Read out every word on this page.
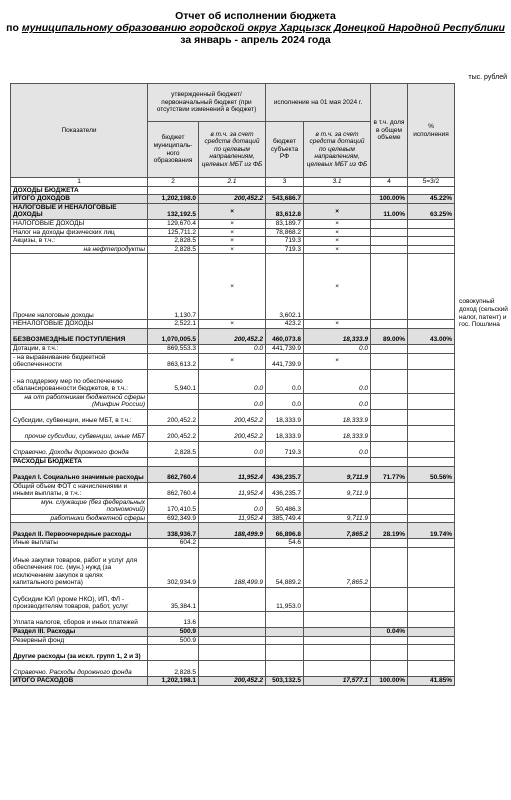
Отчет об исполнении бюджета
по муниципальному образованию городской округ Харцызск Донецкой Народной Республики
за январь - апрель 2024 года
тыс. рублей
Показатели	утвержденный бюджет/первоначальный бюджет (при отсутствии изменений в бюджет)		исполнение на 01 мая 2024 г.		в т.ч. доля в общем объеме	% исполнения
	бюджет муниципаль-ного образования	в т.ч. за счет средств дотаций по целевым направлениям, целевых МБТ из ФБ	бюджет субъекта РФ	в т.ч. за счет средств дотаций по целевым направлениям, целевых МБТ из ФБ		
1	2	2.1	3	3.1	4	5=3/2
ДОХОДЫ БЮДЖЕТА						
ИТОГО ДОХОДОВ	1,202,198.0	200,452.2	543,686.7		100.00%	45.22%
НАЛОГОВЫЕ И НЕНАЛОГОВЫЕ ДОХОДЫ	132,192.5	×	83,612.8	×	11.00%	63.25%
НАЛОГОВЫЕ ДОХОДЫ	129,670.4	×	83,189.7	×		
Налог на доходы физических лиц	125,711.2	×	78,868.2	×		
Акцизы, в т.ч.:	2,828.5	×	719.3	×		
на нефтепродукты	2,828.5	×	719.3	×		
Прочие налоговые доходы	1,130.7	×	3,602.1	×		
НЕНАЛОГОВЫЕ ДОХОДЫ	2,522.1	×	423.2	×		
БЕЗВОЗМЕЗДНЫЕ ПОСТУПЛЕНИЯ	1,070,005.5	200,452.2	460,073.8	18,333.9	89.00%	43.00%
Дотации, в т.ч.:	869,553.3	0.0	441,739.9	0.0		
- на выравнивание бюджетной обеспеченности	863,613.2	×	441,739.9	×		
- на поддержку мер по обеспечению сбалансированности бюджетов, в т.ч.:	5,940.1	0.0	0.0	0.0		
на о/т работникам бюджетной сферы (Минфин России)		0.0	0.0	0.0		
Субсидии, субвенции, иные МБТ, в т.ч.:	200,452.2	200,452.2	18,333.9	18,333.9		
прочие субсидии, субвенции, иные МБТ	200,452.2	200,452.2	18,333.9	18,333.9		
Справочно. Доходы дорожного фонда	2,828.5	0.0	719.3	0.0		
РАСХОДЫ БЮДЖЕТА						
Раздел I. Социально значимые расходы	862,760.4	11,952.4	436,235.7	9,711.9	71.77%	50.56%
Общий объем ФОТ с начислениями и иными выплаты, в т.ч.:	862,760.4	11,952.4	436,235.7	9,711.9		
мун. служащие (без федеральных полномочий)	170,410.5	0.0	50,486.3			
работники бюджетной сферы	692,349.9	11,952.4	385,749.4	9,711.9		
Раздел II. Первоочередные расходы	338,936.7	188,499.9	66,896.8	7,865.2	28.19%	19.74%
Иные выплаты	604.2		54.6			
Иные закупки товаров, работ и услуг для обеспечения гос. (мун.) нужд (за исключением закупок в целях капитального ремонта)	302,934.9	188,499.9	54,889.2	7,865.2		
Субсидии ЮЛ (кроме НКО), ИП, ФЛ - производителям товаров, работ, услуг	35,384.1		11,953.0			
Уплата налогов, сборов и иных платежей	13.6					
Раздел III. Расходы	500.9				0.04%	
Резервный фонд	500.9					
Другие расходы (за искл. групп 1, 2 и 3)						
Справочно. Расходы дорожного фонда	2,828.5					
ИТОГО РАСХОДОВ	1,202,198.1	200,452.2	503,132.5	17,577.1	100.00%	41.85%
совокупный доход (сельский налог, патент) и гос. Пошлина
